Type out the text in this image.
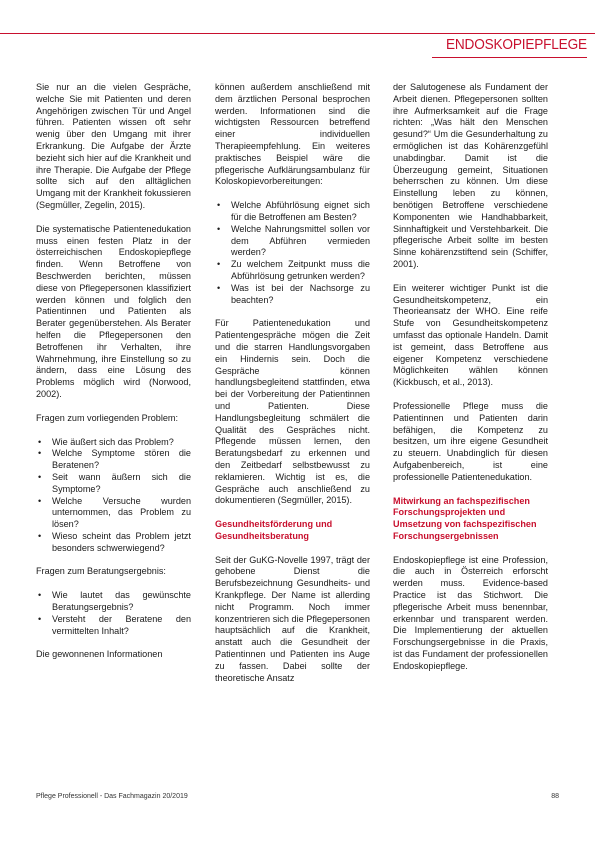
ENDOSKOPIEPFLEGE

Sie nur an die vielen Gespräche, welche Sie mit Patienten und deren Angehörigen zwischen Tür und Angel führen. Patienten wissen oft sehr wenig über den Umgang mit ihrer Erkrankung. Die Aufgabe der Ärzte bezieht sich hier auf die Krankheit und ihre Therapie. Die Aufgabe der Pflege sollte sich auf den alltäglichen Umgang mit der Krankheit fokussieren (Segmüller, Zegelin, 2015).

Die systematische Patientenedukation muss einen festen Platz in der österreichischen Endoskopiepflege finden. Wenn Betroffene von Beschwerden berichten, müssen diese von Pflegepersonen klassifiziert werden können und folglich den Patientinnen und Patienten als Berater gegenüberstehen. Als Berater helfen die Pflegepersonen den Betroffenen ihr Verhalten, ihre Wahrnehmung, ihre Einstellung so zu ändern, dass eine Lösung des Problems möglich wird (Norwood, 2002).

Fragen zum vorliegenden Problem:

• Wie äußert sich das Problem?
• Welche Symptome stören die Beratenen?
• Seit wann äußern sich die Symptome?
• Welche Versuche wurden unternommen, das Problem zu lösen?
• Wieso scheint das Problem jetzt besonders schwerwiegend?

Fragen zum Beratungsergebnis:

• Wie lautet das gewünschte Beratungsergebnis?
• Versteht der Beratene den vermittelten Inhalt?

Die gewonnenen Informationen

können außerdem anschließend mit dem ärztlichen Personal besprochen werden. Informationen sind die wichtigsten Ressourcen betreffend einer individuellen Therapieempfehlung. Ein weiteres praktisches Beispiel wäre die pflegerische Aufklärungsambulanz für Koloskopievorbereitungen:

• Welche Abführlösung eignet sich für die Betroffenen am Besten?
• Welche Nahrungsmittel sollen vor dem Abführen vermieden werden?
• Zu welchem Zeitpunkt muss die Abführlösung getrunken werden?
• Was ist bei der Nachsorge zu beachten?

Für Patientenedukation und Patientengespräche mögen die Zeit und die starren Handlungsvorgaben ein Hindernis sein. Doch die Gespräche können handlungsbegleitend stattfinden, etwa bei der Vorbereitung der Patientinnen und Patienten. Diese Handlungsbegleitung schmälert die Qualität des Gespräches nicht. Pflegende müssen lernen, den Beratungsbedarf zu erkennen und den Zeitbedarf selbstbewusst zu reklamieren. Wichtig ist es, die Gespräche auch anschließend zu dokumentieren (Segmüller, 2015).

Gesundheitsförderung und Gesundheitsberatung

Seit der GuKG-Novelle 1997, trägt der gehobene Dienst die Berufsbezeichnung Gesundheits- und Krankpflege. Der Name ist allerding nicht Programm. Noch immer konzentrieren sich die Pflegepersonen hauptsächlich auf die Krankheit, anstatt auch die Gesundheit der Patientinnen und Patienten ins Auge zu fassen. Dabei sollte der theoretische Ansatz

der Salutogenese als Fundament der Arbeit dienen. Pflegepersonen sollten ihre Aufmerksamkeit auf die Frage richten: „Was hält den Menschen gesund?“ Um die Gesunderhaltung zu ermöglichen ist das Kohärenzgefühl unabdingbar. Damit ist die Überzeugung gemeint, Situationen beherrschen zu können. Um diese Einstellung leben zu können, benötigen Betroffene verschiedene Komponenten wie Handhabbarkeit, Sinnhaftigkeit und Verstehbarkeit. Die pflegerische Arbeit sollte im besten Sinne kohärenzstiftend sein (Schiffer, 2001).

Ein weiterer wichtiger Punkt ist die Gesundheitskompetenz, ein Theorieansatz der WHO. Eine reife Stufe von Gesundheitskompetenz umfasst das optionale Handeln. Damit ist gemeint, dass Betroffene aus eigener Kompetenz verschiedene Möglichkeiten wählen können (Kickbusch, et al., 2013).

Professionelle Pflege muss die Patientinnen und Patienten darin befähigen, die Kompetenz zu besitzen, um ihre eigene Gesundheit zu steuern. Unabdinglich für diesen Aufgabenbereich, ist eine professionelle Patientenedukation.

Mitwirkung an fachspezifischen Forschungsprojekten und Umsetzung von fachspezifischen Forschungsergebnissen

Endoskopiepflege ist eine Profession, die auch in Österreich erforscht werden muss. Evidence-based Practice ist das Stichwort. Die pflegerische Arbeit muss benennbar, erkennbar und transparent werden. Die Implementierung der aktuellen Forschungsergebnisse in die Praxis, ist das Fundament der professionellen Endoskopiepflege.

Pflege Professionell - Das Fachmagazin 20/2019	88
